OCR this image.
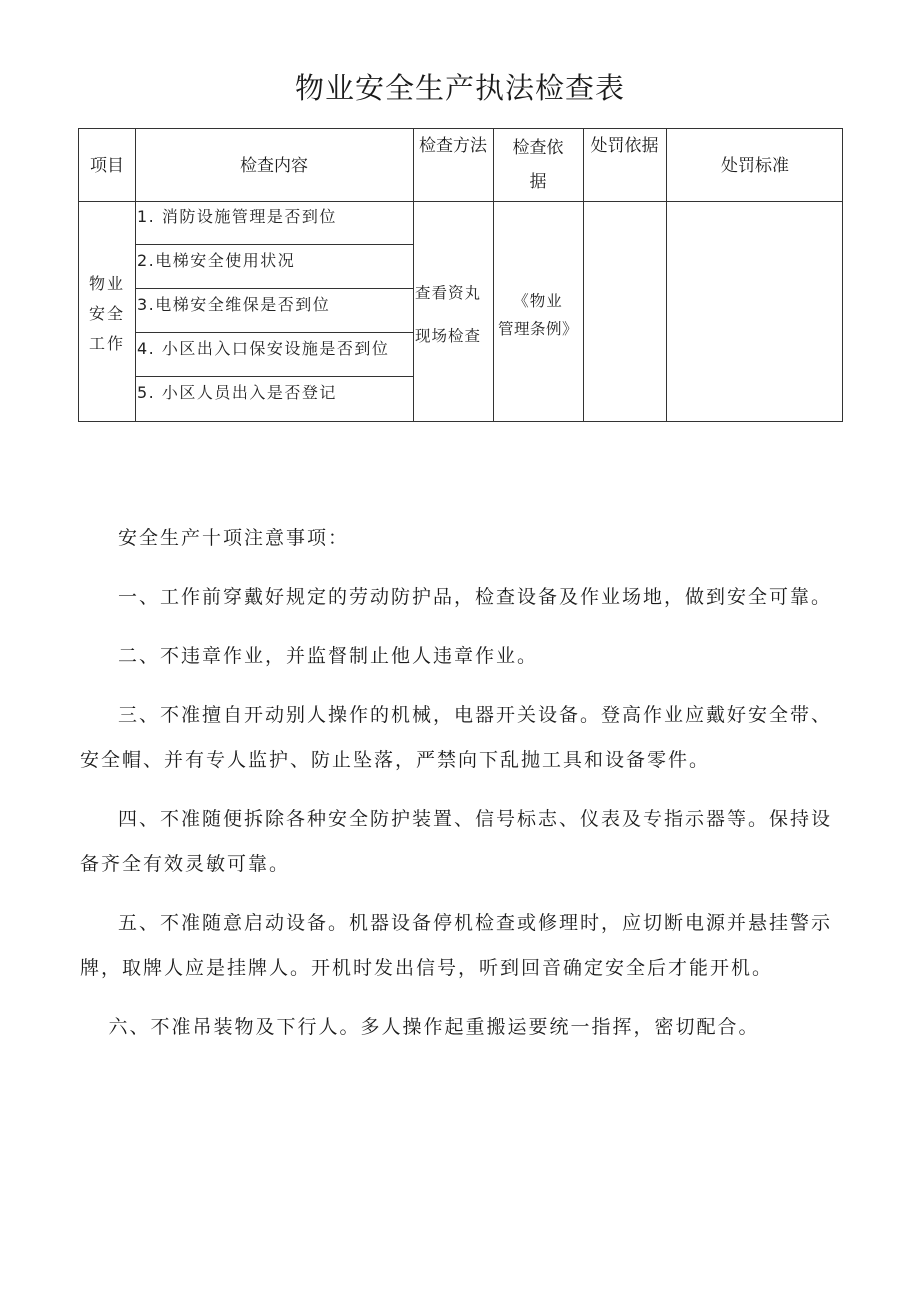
物业安全生产执法检查表
项目	检查内容
检查方法	检查依
据
处罚依据
处罚标准
物业
安全
工作
1. 消防设施管理是否到位
2.电梯安全使用状况
3.电梯安全维保是否到位
4. 小区出入口保安设施是否到位
5. 小区人员出入是否登记
查看资丸
现场检查
《物业
管理条例》

安全生产十项注意事项：

一、工作前穿戴好规定的劳动防护品，检查设备及作业场地，做到安全可靠。

二、不违章作业，并监督制止他人违章作业。

三、不准擅自开动别人操作的机械，电器开关设备。登高作业应戴好安全带、安全帽、并有专人监护、防止坠落，严禁向下乱抛工具和设备零件。

四、不准随便拆除各种安全防护装置、信号标志、仪表及专指示器等。保持设备齐全有效灵敏可靠。

五、不准随意启动设备。机器设备停机检查或修理时，应切断电源并悬挂警示牌，取牌人应是挂牌人。开机时发出信号，听到回音确定安全后才能开机。

六、不准吊装物及下行人。多人操作起重搬运要统一指挥，密切配合。
